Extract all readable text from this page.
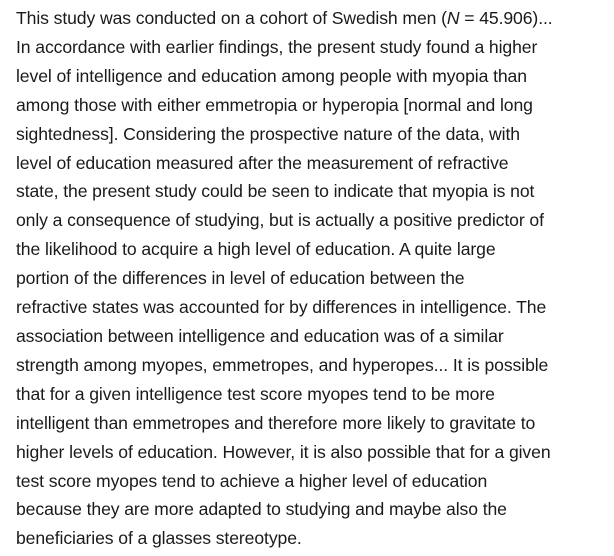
This study was conducted on a cohort of Swedish men (N = 45.906)...
In accordance with earlier findings, the present study found a higher
level of intelligence and education among people with myopia than
among those with either emmetropia or hyperopia [normal and long
sightedness]. Considering the prospective nature of the data, with
level of education measured after the measurement of refractive
state, the present study could be seen to indicate that myopia is not
only a consequence of studying, but is actually a positive predictor of
the likelihood to acquire a high level of education. A quite large
portion of the differences in level of education between the
refractive states was accounted for by differences in intelligence. The
association between intelligence and education was of a similar
strength among myopes, emmetropes, and hyperopes... It is possible
that for a given intelligence test score myopes tend to be more
intelligent than emmetropes and therefore more likely to gravitate to
higher levels of education. However, it is also possible that for a given
test score myopes tend to achieve a higher level of education
because they are more adapted to studying and maybe also the
beneficiaries of a glasses stereotype.
